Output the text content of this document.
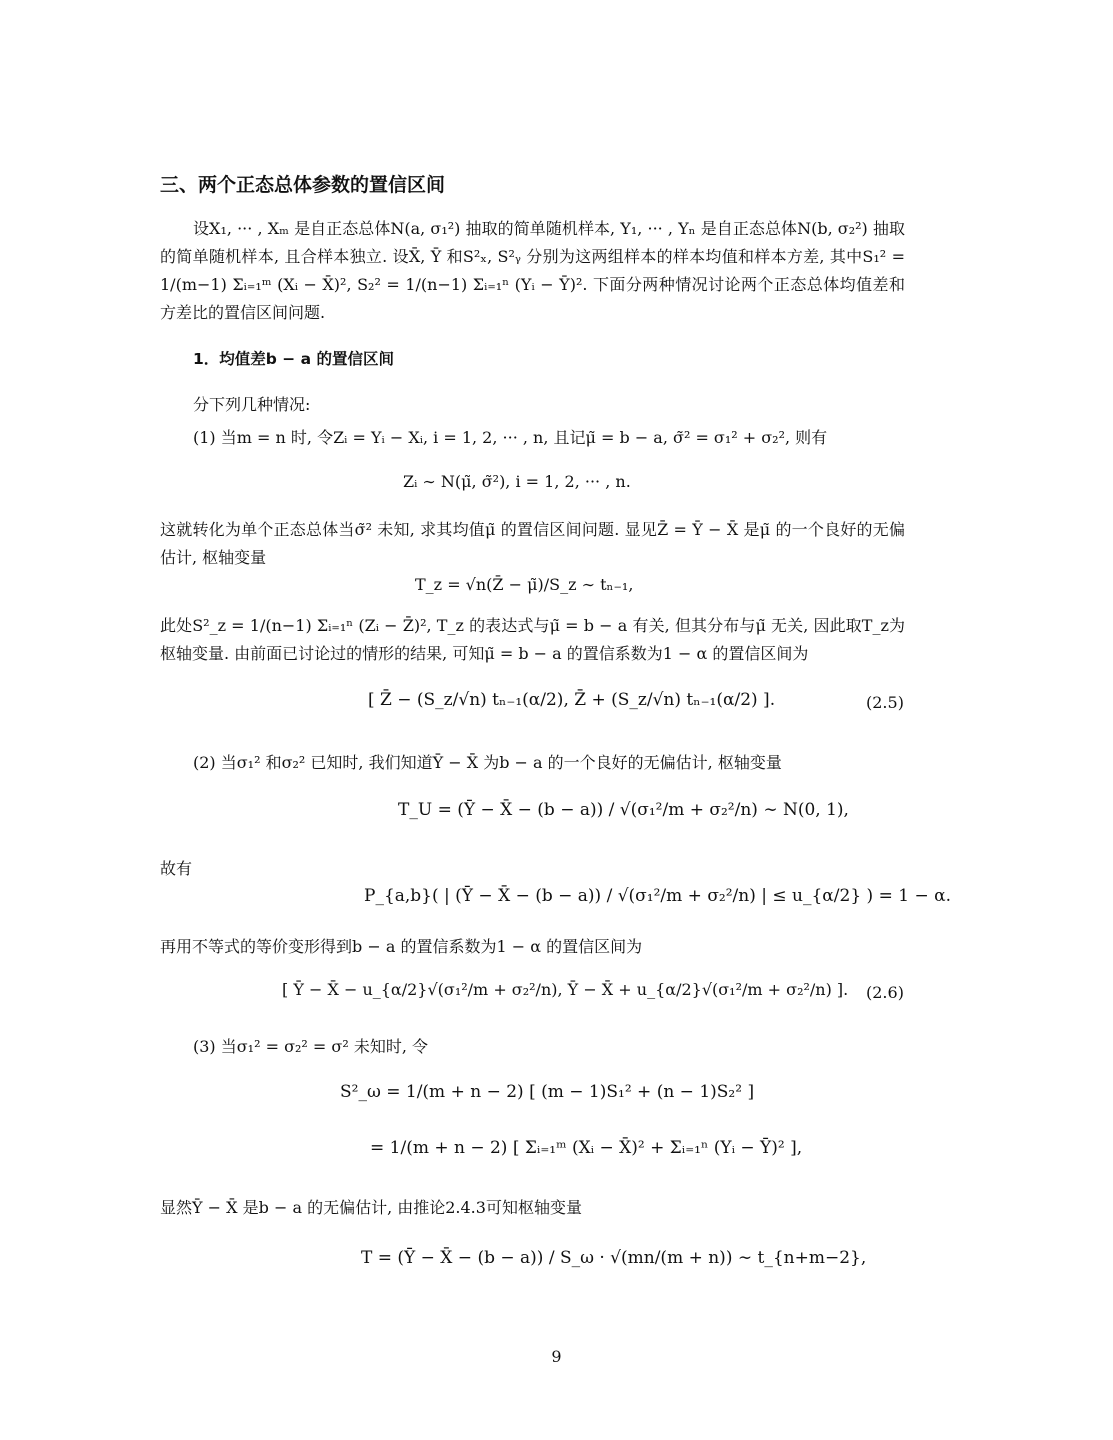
三、两个正态总体参数的置信区间
设X₁, ··· , Xₘ 是自正态总体N(a, σ₁²) 抽取的简单随机样本, Y₁, ··· , Yₙ 是自正态总体N(b, σ₂²) 抽取的简单随机样本, 且合样本独立. 设X̄, Ȳ 和S²ₓ, S²ᵧ 分别为这两组样本的样本均值和样本方差, 其中S₁² = 1/(m−1) Σᵢ₌₁ᵐ (Xᵢ − X̄)², S₂² = 1/(n−1) Σᵢ₌₁ⁿ (Yᵢ − Ȳ)². 下面分两种情况讨论两个正态总体均值差和方差比的置信区间问题.
1．均值差b − a 的置信区间
分下列几种情况:
(1) 当m = n 时, 令Zᵢ = Yᵢ − Xᵢ, i = 1, 2, ··· , n, 且记μ̃ = b − a, σ̃² = σ₁² + σ₂², 则有
Zᵢ ∼ N(μ̃, σ̃²), i = 1, 2, ··· , n.
这就转化为单个正态总体当σ̃² 未知, 求其均值μ̃ 的置信区间问题. 显见Z̄ = Ȳ − X̄ 是μ̃ 的一个良好的无偏估计, 枢轴变量
T_z = √n(Z̄ − μ̃)/S_z ∼ tₙ₋₁,
此处S²_z = 1/(n−1) Σᵢ₌₁ⁿ (Zᵢ − Z̄)², T_z 的表达式与μ̃ = b − a 有关, 但其分布与μ̃ 无关, 因此取T_z为枢轴变量. 由前面已讨论过的情形的结果, 可知μ̃ = b − a 的置信系数为1 − α 的置信区间为
[ Z̄ − (S_z/√n) tₙ₋₁(α/2), Z̄ + (S_z/√n) tₙ₋₁(α/2) ].	(2.5)
(2) 当σ₁² 和σ₂² 已知时, 我们知道Ȳ − X̄ 为b − a 的一个良好的无偏估计, 枢轴变量
T_U = (Ȳ − X̄ − (b − a)) / √(σ₁²/m + σ₂²/n) ∼ N(0, 1),
故有
P_{a,b}( | (Ȳ − X̄ − (b − a)) / √(σ₁²/m + σ₂²/n) | ≤ u_{α/2} ) = 1 − α.
再用不等式的等价变形得到b − a 的置信系数为1 − α 的置信区间为
[ Ȳ − X̄ − u_{α/2}√(σ₁²/m + σ₂²/n), Ȳ − X̄ + u_{α/2}√(σ₁²/m + σ₂²/n) ]. (2.6)
(3) 当σ₁² = σ₂² = σ² 未知时, 令
S²_ω = 1/(m + n − 2) [ (m − 1)S₁² + (n − 1)S₂² ]
= 1/(m + n − 2) [ Σᵢ₌₁ᵐ (Xᵢ − X̄)² + Σᵢ₌₁ⁿ (Yᵢ − Ȳ)² ],
显然Ȳ − X̄ 是b − a 的无偏估计, 由推论2.4.3可知枢轴变量
T = (Ȳ − X̄ − (b − a)) / S_ω · √(mn/(m + n)) ∼ t_{n+m−2},
9
